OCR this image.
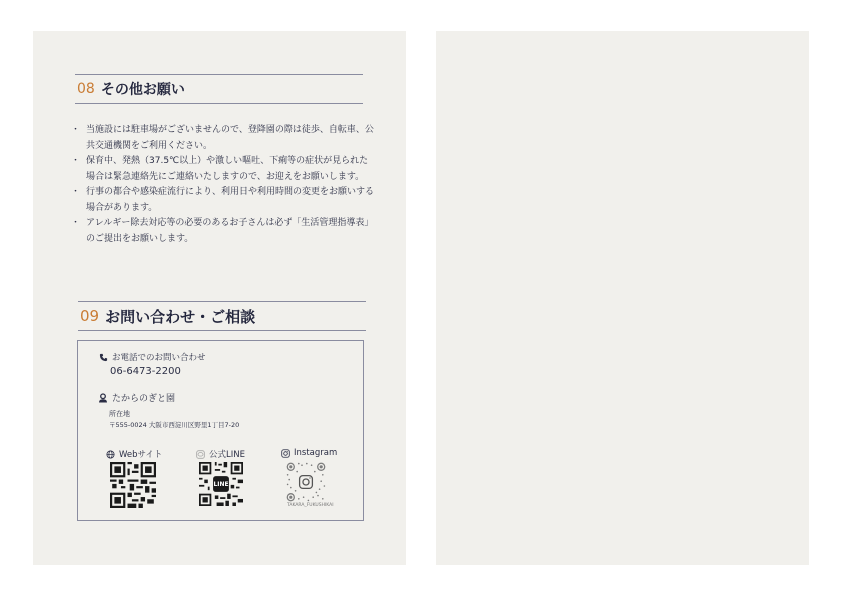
08 その他お願い
・ 当施設には駐車場がございませんので、登降園の際は徒歩、自転車、公共交通機関をご利用ください。
・ 保育中、発熱（37.5℃以上）や激しい嘔吐、下痢等の症状が見られた場合は緊急連絡先にご連絡いたしますので、お迎えをお願いします。
・ 行事の都合や感染症流行により、利用日や利用時間の変更をお願いする場合があります。
・ アレルギー除去対応等の必要のあるお子さんは必ず「生活管理指導表」のご提出をお願いします。
09 お問い合わせ・ご相談
お電話でのお問い合わせ
06-6473-2200
たからのぎと園
所在地
〒555-0024 大阪市西淀川区野里1丁目7-20
Webサイト	公式LINE	Instagram
LINE
TAKARA_FUKUSHIKAI
